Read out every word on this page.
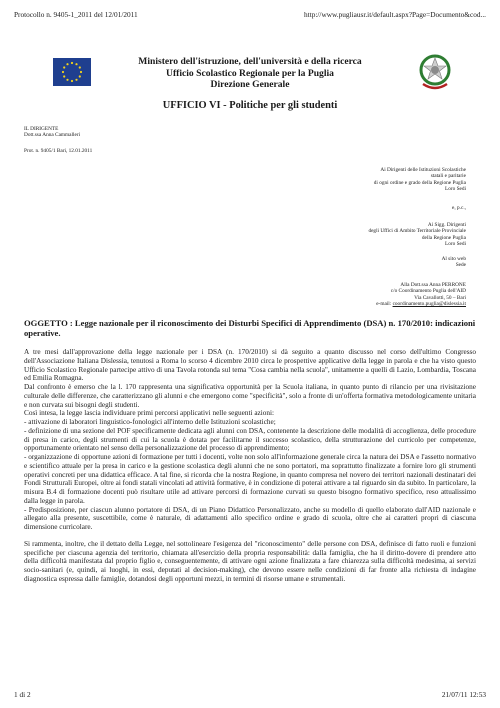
Protocollo n. 9405-1_2011 del 12/01/2011	http://www.pugliausr.it/default.aspx?Page=Documento&cod...
Ministero dell'istruzione, dell'università e della ricerca
Ufficio Scolastico Regionale per la Puglia
Direzione Generale
UFFICIO VI - Politiche per gli studenti
IL DIRIGENTE
Dott.ssa Anna Cammalleri
Prot. n. 9405/1 Bari, 12.01.2011
Ai Dirigenti delle Istituzioni Scolastiche
statali e paritarie
di ogni ordine e grado della Regione Puglia
Loro Sedi
e, p.c.,
Ai Sigg. Dirigenti
degli Uffici di Ambito Territoriale Provinciale
della Regione Puglia
Loro Sedi
Al sito web
Sede
Alla Dott.ssa Anna PERRONE
c/o Coordinamento Puglia dell'AID
Via Cavallotti, 50 – Bari
e-mail: coordinamento.puglia@dislessia.it
OGGETTO : Legge nazionale per il riconoscimento dei Disturbi Specifici di Apprendimento (DSA) n. 170/2010: indicazioni operative.

A tre mesi dall'approvazione della legge nazionale per i DSA (n. 170/2010) si dà seguito a quanto discusso nel corso dell'ultimo Congresso dell'Associazione Italiana Dislessia, tenutosi a Roma lo scorso 4 dicembre 2010 circa le prospettive applicative della legge in parola e che ha visto questo Ufficio Scolastico Regionale partecipe attivo di una Tavola rotonda sul tema "Cosa cambia nella scuola", unitamente a quelli di Lazio, Lombardia, Toscana ed Emilia Romagna.

Dal confronto è emerso che la l. 170 rappresenta una significativa opportunità per la Scuola italiana, in quanto punto di rilancio per una rivisitazione culturale delle differenze, che caratterizzano gli alunni e che emergono come "specificità", solo a fronte di un'offerta formativa metodologicamente unitaria e non curvata sui bisogni degli studenti.

Così intesa, la legge lascia individuare primi percorsi applicativi nelle seguenti azioni:

- attivazione di laboratori linguistico-fonologici all'interno delle Istituzioni scolastiche;

- definizione di una sezione del POF specificamente dedicata agli alunni con DSA, contenente la descrizione delle modalità di accoglienza, delle procedure di presa in carico, degli strumenti di cui la scuola è dotata per facilitarne il successo scolastico, della strutturazione del curricolo per competenze, opportunamente orientato nel senso della personalizzazione del processo di apprendimento;

- organizzazione di opportune azioni di formazione per tutti i docenti, volte non solo all'informazione generale circa la natura dei DSA e l'assetto normativo e scientifico attuale per la presa in carico e la gestione scolastica degli alunni che ne sono portatori, ma soprattutto finalizzate a fornire loro gli strumenti operativi concreti per una didattica efficace. A tal fine, si ricorda che la nostra Regione, in quanto compresa nel novero dei territori nazionali destinatari dei Fondi Strutturali Europei, oltre ai fondi statali vincolati ad attività formative, è in condizione di poterai attivare a tal riguardo sin da subito. In particolare, la misura B.4 di formazione docenti può risultare utile ad attivare percorsi di formazione curvati su questo bisogno formativo specifico, reso attualissimo dalla legge in parola.

- Predisposizione, per ciascun alunno portatore di DSA, di un Piano Didattico Personalizzato, anche su modello di quello elaborato dall'AID nazionale e allegato alla presente, suscettibile, come è naturale, di adattamenti allo specifico ordine e grado di scuola, oltre che ai caratteri propri di ciascuna dimensione curricolare.

Si rammenta, inoltre, che il dettato della Legge, nel sottolineare l'esigenza del "riconoscimento" delle persone con DSA, definisce di fatto ruoli e funzioni specifiche per ciascuna agenzia del territorio, chiamata all'esercizio della propria responsabilità: dalla famiglia, che ha il diritto-dovere di prendere atto della difficoltà manifestata dal proprio figlio e, conseguentemente, di attivare ogni azione finalizzata a fare chiarezza sulla difficoltà medesima, ai servizi socio-sanitari (e, quindi, ai luoghi, in essi, deputati al decision-making), che devono essere nelle condizioni di far fronte alla richiesta di indagine diagnostica espressa dalle famiglie, dotandosi degli opportuni mezzi, in termini di risorse umane e strumentali.

1 di 2	21/07/11 12:53
